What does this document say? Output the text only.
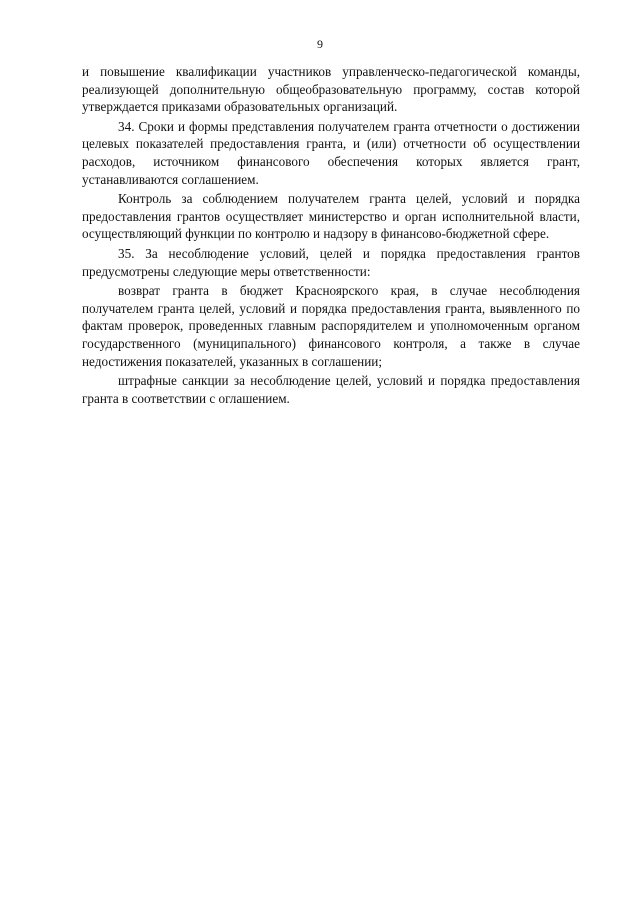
9

и повышение квалификации участников управленческо-педагогической команды, реализующей дополнительную общеобразовательную программу, состав которой утверждается приказами образовательных организаций.

34. Сроки и формы представления получателем гранта отчетности о достижении целевых показателей предоставления гранта, и (или) отчетности об осуществлении расходов, источником финансового обеспечения которых является грант, устанавливаются соглашением.

Контроль за соблюдением получателем гранта целей, условий и порядка предоставления грантов осуществляет министерство и орган исполнительной власти, осуществляющий функции по контролю и надзору в финансово-бюджетной сфере.

35. За несоблюдение условий, целей и порядка предоставления грантов предусмотрены следующие меры ответственности:

возврат гранта в бюджет Красноярского края, в случае несоблюдения получателем гранта целей, условий и порядка предоставления гранта, выявленного по фактам проверок, проведенных главным распорядителем и уполномоченным органом государственного (муниципального) финансового контроля, а также в случае недостижения показателей, указанных в соглашении;

штрафные санкции за несоблюдение целей, условий и порядка предоставления гранта в соответствии с оглашением.
